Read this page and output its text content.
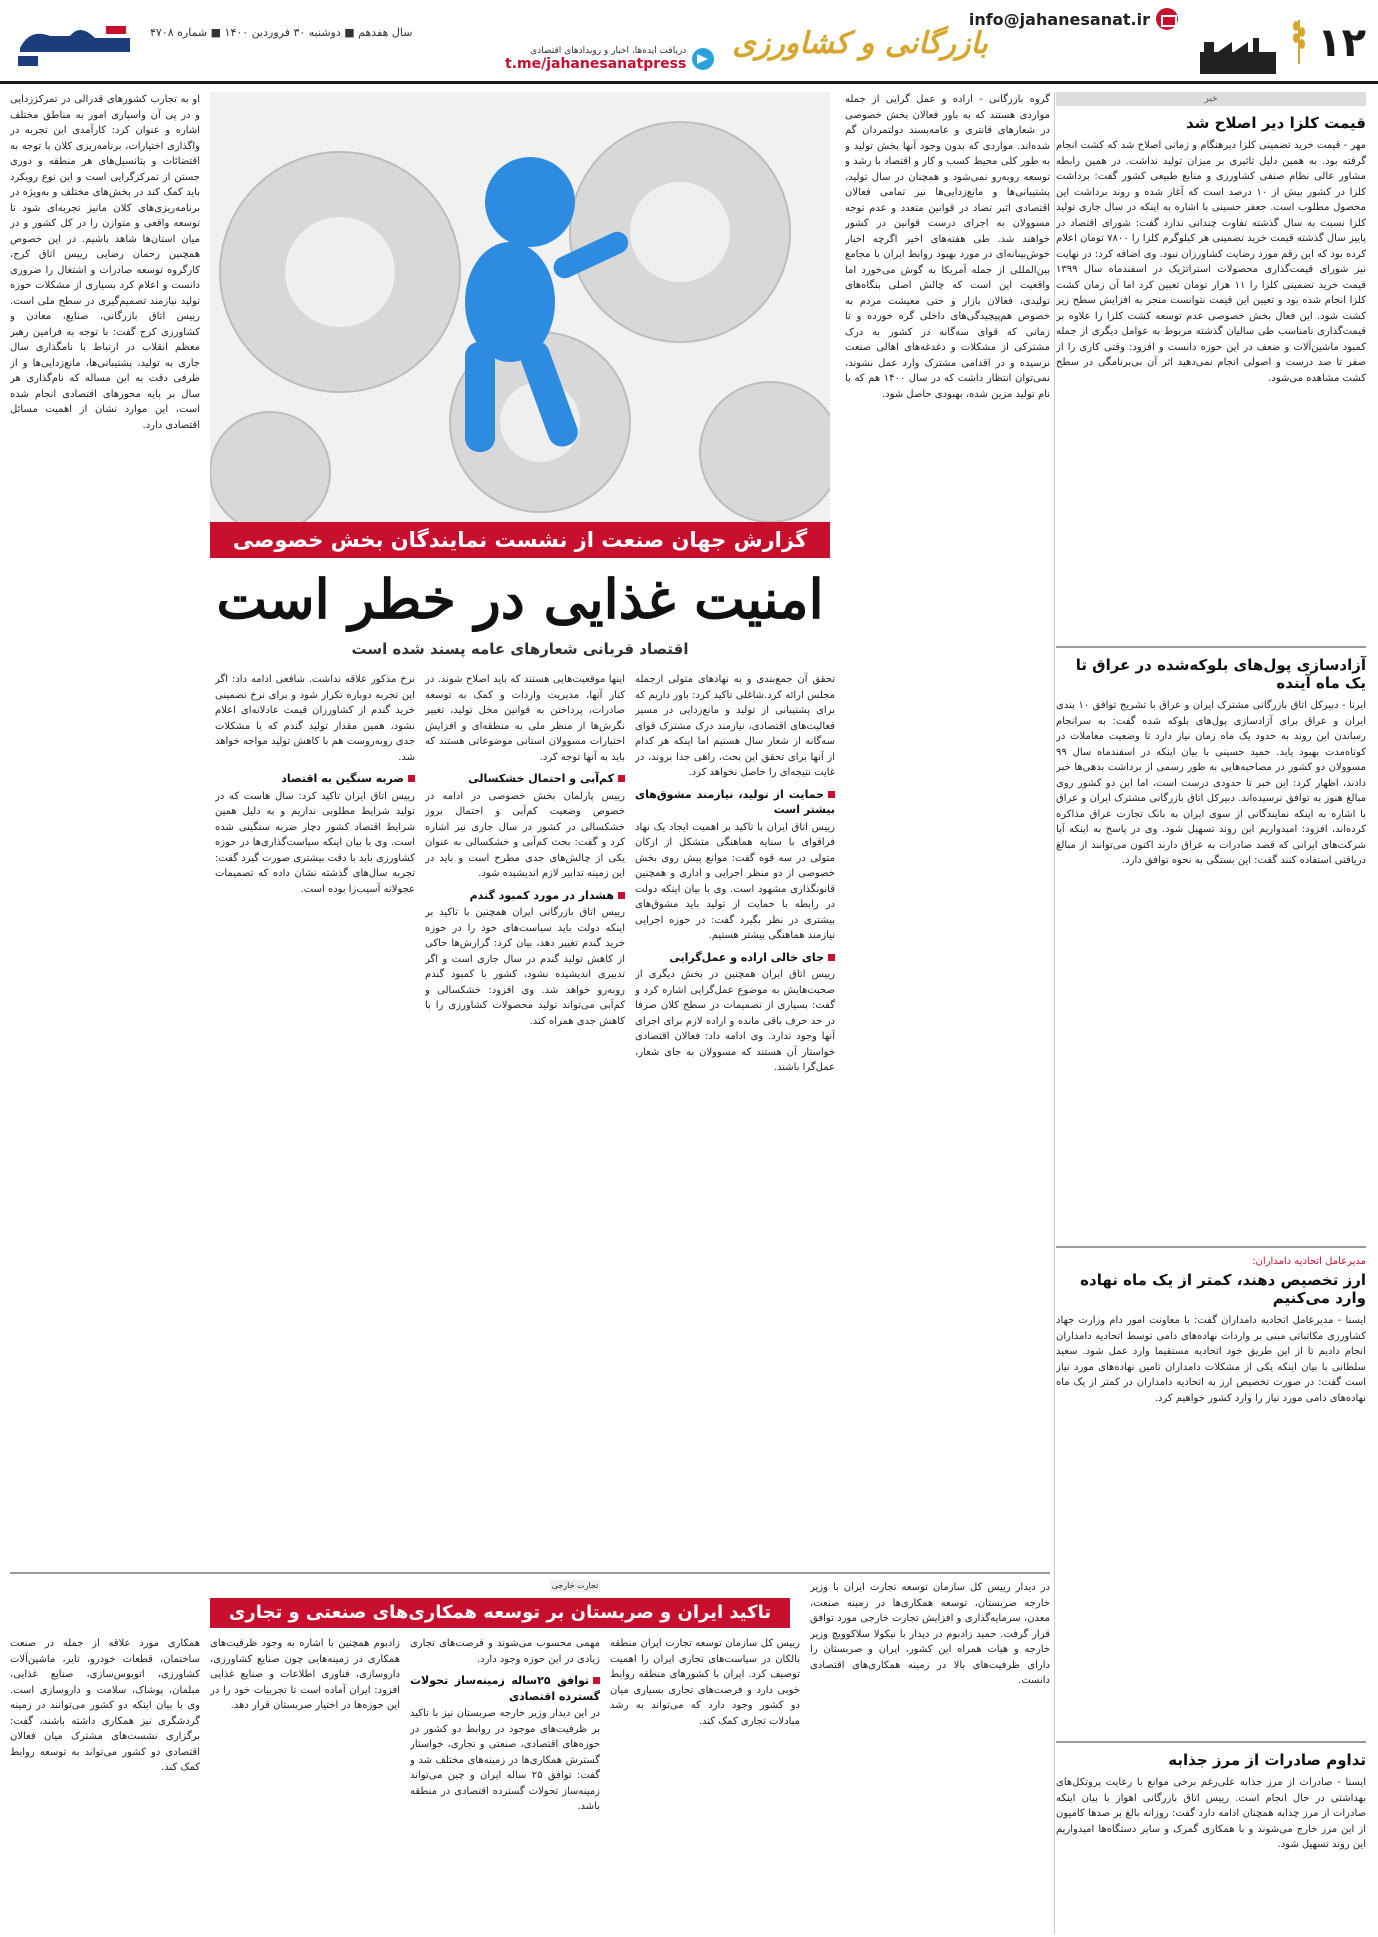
۱۲
info@jahanesanat.ir
بازرگانی و کشاورزی
دریافت ایده‌ها، اخبار و رویدادهای اقتصادی
t.me/jahanesanatpress
سال هفدهم ■ دوشنبه ۳۰ فروردین ۱۴۰۰ ■ شماره ۴۷۰۸
خبر
قیمت کلزا دیر اصلاح شد
مهر - قیمت خرید تضمینی کلزا دیرهنگام و زمانی اصلاح شد که کشت انجام گرفته بود. به همین دلیل تاثیری بر میزان تولید نداشت. در همین رابطه مشاور عالی نظام صنفی کشاورزی و منابع طبیعی کشور گفت: برداشت کلزا در کشور بیش از ۱۰ درصد است که آغاز شده و روند برداشت این محصول مطلوب است. جعفر حسینی با اشاره به اینکه در سال جاری تولید کلزا نسبت به سال گذشته تفاوت چندانی ندارد گفت: شورای اقتصاد در پاییز سال گذشته قیمت خرید تضمینی هر کیلوگرم کلزا را ۷۸۰۰ تومان اعلام کرده بود که این رقم مورد رضایت کشاورزان نبود. وی اضافه کرد: در نهایت نیز شورای قیمت‌گذاری محصولات استراتژیک در اسفندماه سال ۱۳۹۹ قیمت خرید تضمینی کلزا را ۱۱ هزار تومان تعیین کرد اما آن زمان کشت کلزا انجام شده بود و تعیین این قیمت نتوانست منجر به افزایش سطح زیر کشت شود. این فعال بخش خصوصی عدم توسعه کشت کلزا را علاوه بر قیمت‌گذاری نامناسب طی سالیان گذشته مربوط به عوامل دیگری از جمله کمبود ماشین‌آلات و ضعف در این حوزه دانست و افزود: وقتی کاری را از صفر تا صد درست و اصولی انجام نمی‌دهید اثر آن بی‌برنامگی در سطح کشت مشاهده می‌شود.
آزادسازی پول‌های بلوکه‌شده در عراق تا یک ماه آینده
ایرنا - دبیرکل اتاق بازرگانی مشترک ایران و عراق با تشریح توافق ۱۰ بندی ایران و عراق برای آزادسازی پول‌های بلوکه شده گفت: به سرانجام رساندن این روند به حدود یک ماه زمان نیاز دارد تا وضعیت معاملات در کوتاه‌مدت بهبود یابد. حمید حسینی با بیان اینکه در اسفندماه سال ۹۹ مسوولان دو کشور در مصاحبه‌هایی به طور رسمی از برداشت بدهی‌ها خبر دادند، اظهار کرد: این خبر تا حدودی درست است، اما این دو کشور روی مبالغ هنوز به توافق نرسیده‌اند. دبیرکل اتاق بازرگانی مشترک ایران و عراق با اشاره به اینکه نمایندگانی از سوی ایران به بانک تجارت عراق مذاکره کرده‌اند، افزود: امیدواریم این روند تسهیل شود. وی در پاسخ به اینکه آیا شرکت‌های ایرانی که قصد صادرات به عراق دارند اکنون می‌توانند از مبالغ دریافتی استفاده کنند گفت: این بستگی به نحوه توافق دارد.
مدیرعامل اتحادیه دامداران:
ارز تخصیص دهند، کمتر از یک ماه نهاده وارد می‌کنیم
ایسنا - مدیرعامل اتحادیه دامداران گفت: با معاونت امور دام وزارت جهاد کشاورزی مکاتباتی مبنی بر واردات نهاده‌های دامی توسط اتحادیه دامداران انجام دادیم تا از این طریق خود اتحادیه مستقیما وارد عمل شود. سعید سلطانی با بیان اینکه یکی از مشکلات دامداران تامین نهاده‌های مورد نیاز است گفت: در صورت تخصیص ارز به اتحادیه دامداران در کمتر از یک ماه نهاده‌های دامی مورد نیاز را وارد کشور خواهیم کرد.
تداوم صادرات از مرز جذابه
ایسنا - صادرات از مرز جذابه علی‌رغم برخی موانع با رعایت پروتکل‌های بهداشتی در حال انجام است. رییس اتاق بازرگانی اهواز با بیان اینکه صادرات از مرز چذابه همچنان ادامه دارد گفت: روزانه بالغ بر صدها کامیون از این مرز خارج می‌شوند و با همکاری گمرک و سایر دستگاه‌ها امیدواریم این روند تسهیل شود.
او به تجارب کشورهای قدرالی در تمرکززدایی و در پی آن واسپاری امور به مناطق مختلف اشاره و عنوان کرد: کارآمدی این تجربه در واگذاری اختیارات، برنامه‌ریزی کلان با توجه به اقتضائات و پتانسیل‌های هر منطقه و دوری جستن از تمرکزگرایی است و این نوع رویکرد باید کمک کند در بخش‌های مختلف و به‌ویژه در برنامه‌ریزی‌های کلان مانیز تجربه‌ای شود تا توسعه واقعی و متوازن را در کل کشور و در میان استان‌ها شاهد باشیم. در این خصوص همچنین رحمان رضایی رییس اتاق کرج، کارگروه توسعه صادرات و اشتغال را ضروری دانست و اعلام کرد بسیاری از مشکلات حوزه تولید نیازمند تصمیم‌گیری در سطح ملی است. رییس اتاق بازرگانی، صنایع، معادن و کشاورزی کرج گفت: با توجه به فرامین رهبر معظم انقلاب در ارتباط با نامگذاری سال جاری به تولید، پشتیبانی‌ها، مانع‌زدایی‌ها و از طرفی دقت به این مساله که نام‌گذاری هر سال بر پایه محورهای اقتصادی انجام شده است، این موارد نشان از اهمیت مسائل اقتصادی دارد.
گروه بازرگانی - اراده و عمل گرایی از جمله مواردی هستند که به باور فعالان بخش خصوصی در شعارهای قانتری و عامه‌پسند دولتمردان گم شده‌اند. مواردی که بدون وجود آنها بخش تولید و به طور کلی محیط کسب و کار و اقتصاد با رشد و توسعه روبه‌رو نمی‌شود و همچنان در سال تولید، پشتیبانی‌ها و مانع‌زدایی‌ها نیز تمامی فعالان اقتصادی اثبر تضاد در قوانین متعدد و عدم توجه مسوولان به اجرای درست قوانین در کشور خواهند شد. طی هفته‌های اخیر اگرچه اخبار خوش‌بینانه‌ای در مورد بهبود روابط ایران با مجامع بین‌المللی از جمله آمریکا به گوش می‌خورد اما واقعیت این است که چالش اصلی بنگاه‌های تولیدی، فعالان بازار و حتی معیشت مردم به خصوص هم‌پیچیدگی‌های داخلی گره خورده و تا زمانی که قوای سه‌گانه در کشور به درک مشترکی از مشکلات و دغدغه‌های اهالی صنعت نرسیده و در اقدامی مشترک وارد عمل نشوند، نمی‌توان انتظار داشت که در سال ۱۴۰۰ هم که با نام تولید مزین شده، بهبودی حاصل شود.
گزارش جهان صنعت از نشست نمایندگان بخش خصوصی
امنیت غذایی در خطر است
اقتصاد قربانی شعارهای عامه پسند شده است
تحقق آن جمع‌بندی و به نهادهای متولی ازجمله مجلس ارائه کرد.شاغلی تاکید کرد: باور داریم که برای پشتیبانی از تولید و مانع‌زدایی در مسیر فعالیت‌های اقتصادی، نیازمند درک مشترک قوای سه‌گانه از شعار سال هستیم اما اینکه هر کدام از آنها برای تحقق این بحث، راهی جدا بروند، در غایت نتیجه‌ای را حاصل نخواهد کرد.
حمایت از تولید، نیازمند مشوق‌های بیشتر است
رییس اتاق ایران با تاکید بر اهمیت ایجاد یک نهاد فراقوای با سنایه هماهنگی متشکل از ارکان متولی در سه قوه گفت: موانع پیش روی بخش خصوصی از دو منظر اجرایی و اداری و همچنین قانونگذاری مشهود است. وی با بیان اینکه دولت در رابطه با حمایت از تولید باید مشوق‌های بیشتری در نظر بگیرد گفت: در حوزه اجرایی نیازمند هماهنگی بیشتر هستیم.
جای خالی اراده و عمل‌گرایی
رییس اتاق ایران همچنین در بخش دیگری از صحبت‌هایش به موضوع عمل‌گرایی اشاره کرد و گفت: بسیاری از تصمیمات در سطح کلان صرفا در حد حرف باقی مانده و اراده لازم برای اجرای آنها وجود ندارد. وی ادامه داد: فعالان اقتصادی خواستار آن هستند که مسوولان به جای شعار، عمل‌گرا باشند.
اینها موقعیت‌هایی هستند که باید اصلاح شوند. در کنار آنها، مدیریت واردات و کمک به توسعه صادرات، پرداختن به قوانین مخل تولید، تغییر نگرش‌ها از منظر ملی به منطقه‌ای و افزایش اختیارات مسوولان استانی موضوعاتی هستند که باید به آنها توجه کرد.
کم‌آبی و احتمال خشکسالی
رییس پارلمان بخش خصوصی در ادامه در خصوص وضعیت کم‌آبی و احتمال بروز خشکسالی در کشور در سال جاری نیز اشاره کرد و گفت: بحث کم‌آبی و خشکسالی به عنوان یکی از چالش‌های جدی مطرح است و باید در این زمینه تدابیر لازم اندیشیده شود.
هشدار در مورد کمبود گندم
رییس اتاق بازرگانی ایران همچنین با تاکید بر اینکه دولت باید سیاست‌های خود را در حوزه خرید گندم تغییر دهد، بیان کرد: گزارش‌ها حاکی از کاهش تولید گندم در سال جاری است و اگر تدبیری اندیشیده نشود، کشور با کمبود گندم روبه‌رو خواهد شد. وی افزود: خشکسالی و کم‌آبی می‌تواند تولید محصولات کشاورزی را با کاهش جدی همراه کند.
نرخ مذکور علاقه نداشت. شافعی ادامه داد: اگر این تجربه دوباره تکرار شود و برای نرخ تضمینی خرید گندم از کشاورزان قیمت عادلانه‌ای اعلام نشود، همین مقدار تولید گندم که با مشکلات جدی روبه‌روست هم با کاهش تولید مواجه خواهد شد.
ضربه سنگین به اقتصاد
رییس اتاق ایران تاکید کرد: سال هاست که در تولید شرایط مطلوبی نداریم و به دلیل همین شرایط اقتصاد کشور دچار ضربه سنگینی شده است. وی با بیان اینکه سیاست‌گذاری‌ها در حوزه کشاورزی باید با دقت بیشتری صورت گیرد گفت: تجربه سال‌های گذشته نشان داده که تصمیمات عجولانه آسیب‌زا بوده است.
تجارت خارجی
تاکید ایران و صربستان بر توسعه همکاری‌های صنعتی و تجاری
در دیدار رییس کل سازمان توسعه تجارت ایران با وزیر خارجه صربستان، توسعه همکاری‌ها در زمینه صنعت، معدن، سرمایه‌گذاری و افزایش تجارت خارجی مورد توافق قرار گرفت. حمید زادبوم در دیدار با نیکولا سلاکوویچ وزیر خارجه و هیات همراه این کشور، ایران و صربستان را دارای ظرفیت‌های بالا در زمینه همکاری‌های اقتصادی دانست.
رییس کل سازمان توسعه تجارت ایران منطقه بالکان در سیاست‌های تجاری ایران را اهمیت توصیف کرد. ایران با کشورهای منطقه روابط خوبی دارد و فرصت‌های تجاری بسیاری میان دو کشور وجود دارد که می‌تواند به رشد مبادلات تجاری کمک کند.
مهمی محسوب می‌شوند و فرصت‌های تجاری زیادی در این حوزه وجود دارد.
توافق ۲۵ساله زمینه‌ساز تحولات گسترده اقتصادی
در این دیدار وزیر خارجه صربستان نیز با تاکید بر ظرفیت‌های موجود در روابط دو کشور در حوزه‌های اقتصادی، صنعتی و تجاری، خواستار گسترش همکاری‌ها در زمینه‌های مختلف شد و گفت: توافق ۲۵ ساله ایران و چین می‌تواند زمینه‌ساز تحولات گسترده اقتصادی در منطقه باشد.
زادبوم همچنین با اشاره به وجود ظرفیت‌های همکاری در زمینه‌هایی چون صنایع کشاورزی، داروسازی، فناوری اطلاعات و صنایع غذایی افزود: ایران آماده است تا تجربیات خود را در این حوزه‌ها در اختیار صربستان قرار دهد.
همکاری مورد علاقه از جمله در صنعت ساختمان، قطعات خودرو، تایر، ماشین‌آلات کشاورزی، اتوبوس‌سازی، صنایع غذایی، مبلمان، پوشاک، سلامت و داروسازی است. وی با بیان اینکه دو کشور می‌توانند در زمینه گردشگری نیز همکاری داشته باشند، گفت: برگزاری نشست‌های مشترک میان فعالان اقتصادی دو کشور می‌تواند به توسعه روابط کمک کند.
